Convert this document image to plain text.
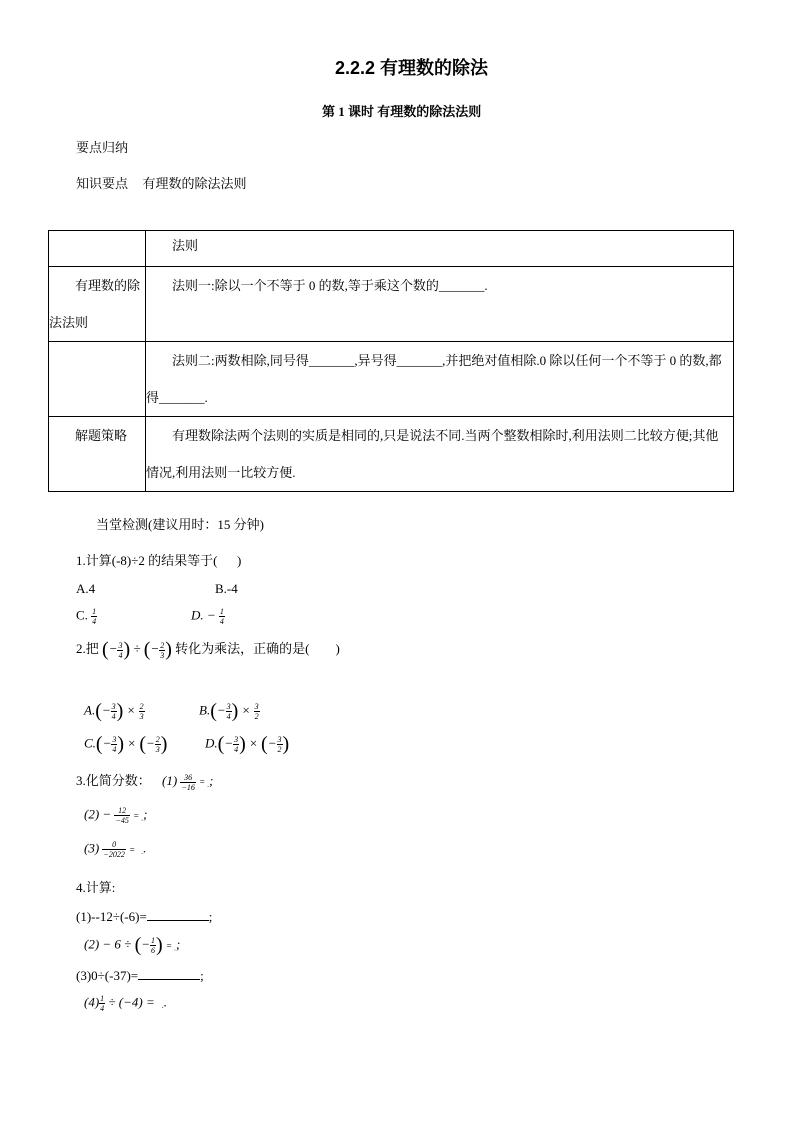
2.2.2 有理数的除法
第 1 课时 有理数的除法法则
要点归纳
知识要点    有理数的除法法则

	法则

有理数的除法法则	法则一:除以一个不等于 0 的数,等于乘这个数的_______.

	法则二:两数相除,同号得_______,异号得_______,并把绝对值相除.0 除以任何一个不等于 0 的数,都得_______.

解题策略	有理数除法两个法则的实质是相同的,只是说法不同.当两个整数相除时,利用法则二比较方便;其他情况,利用法则一比较方便.
当堂检测(建议用时：15 分钟)
1.计算(-8)÷2 的结果等于(      )
A.4	B.-4
C. $\frac{1}{4}$	D. − $\frac{1}{4}$
2.把 (− $\frac{3}{4}$ ) ÷ (− $\frac{2}{3}$ ) 转化为乘法，正确的是(        )
$A.(- \frac{3}{4}$ ) × $\frac{2}{3}$	$B.(- \frac{3}{4}$ ) × $\frac{3}{2}$
$C.(- \frac{3}{4}$ ) × (− $\frac{2}{3}$ )	$D.(- \frac{3}{4}$ ) × (− $\frac{3}{2}$ )
3.化简分数： $(1) \frac{36}{-16}$ = .;
$(2) - \frac{12}{-45}$ = .;
$(3) \frac{0}{-2022}$ = ..
4.计算:
(1)--12÷(-6)=	;
(2) − 6 ÷ (− $\frac{1}{6}$ ) = .;
(3)0÷(-37)=	;
$(4) \frac{1}{4} \div (-4)$ = ..
